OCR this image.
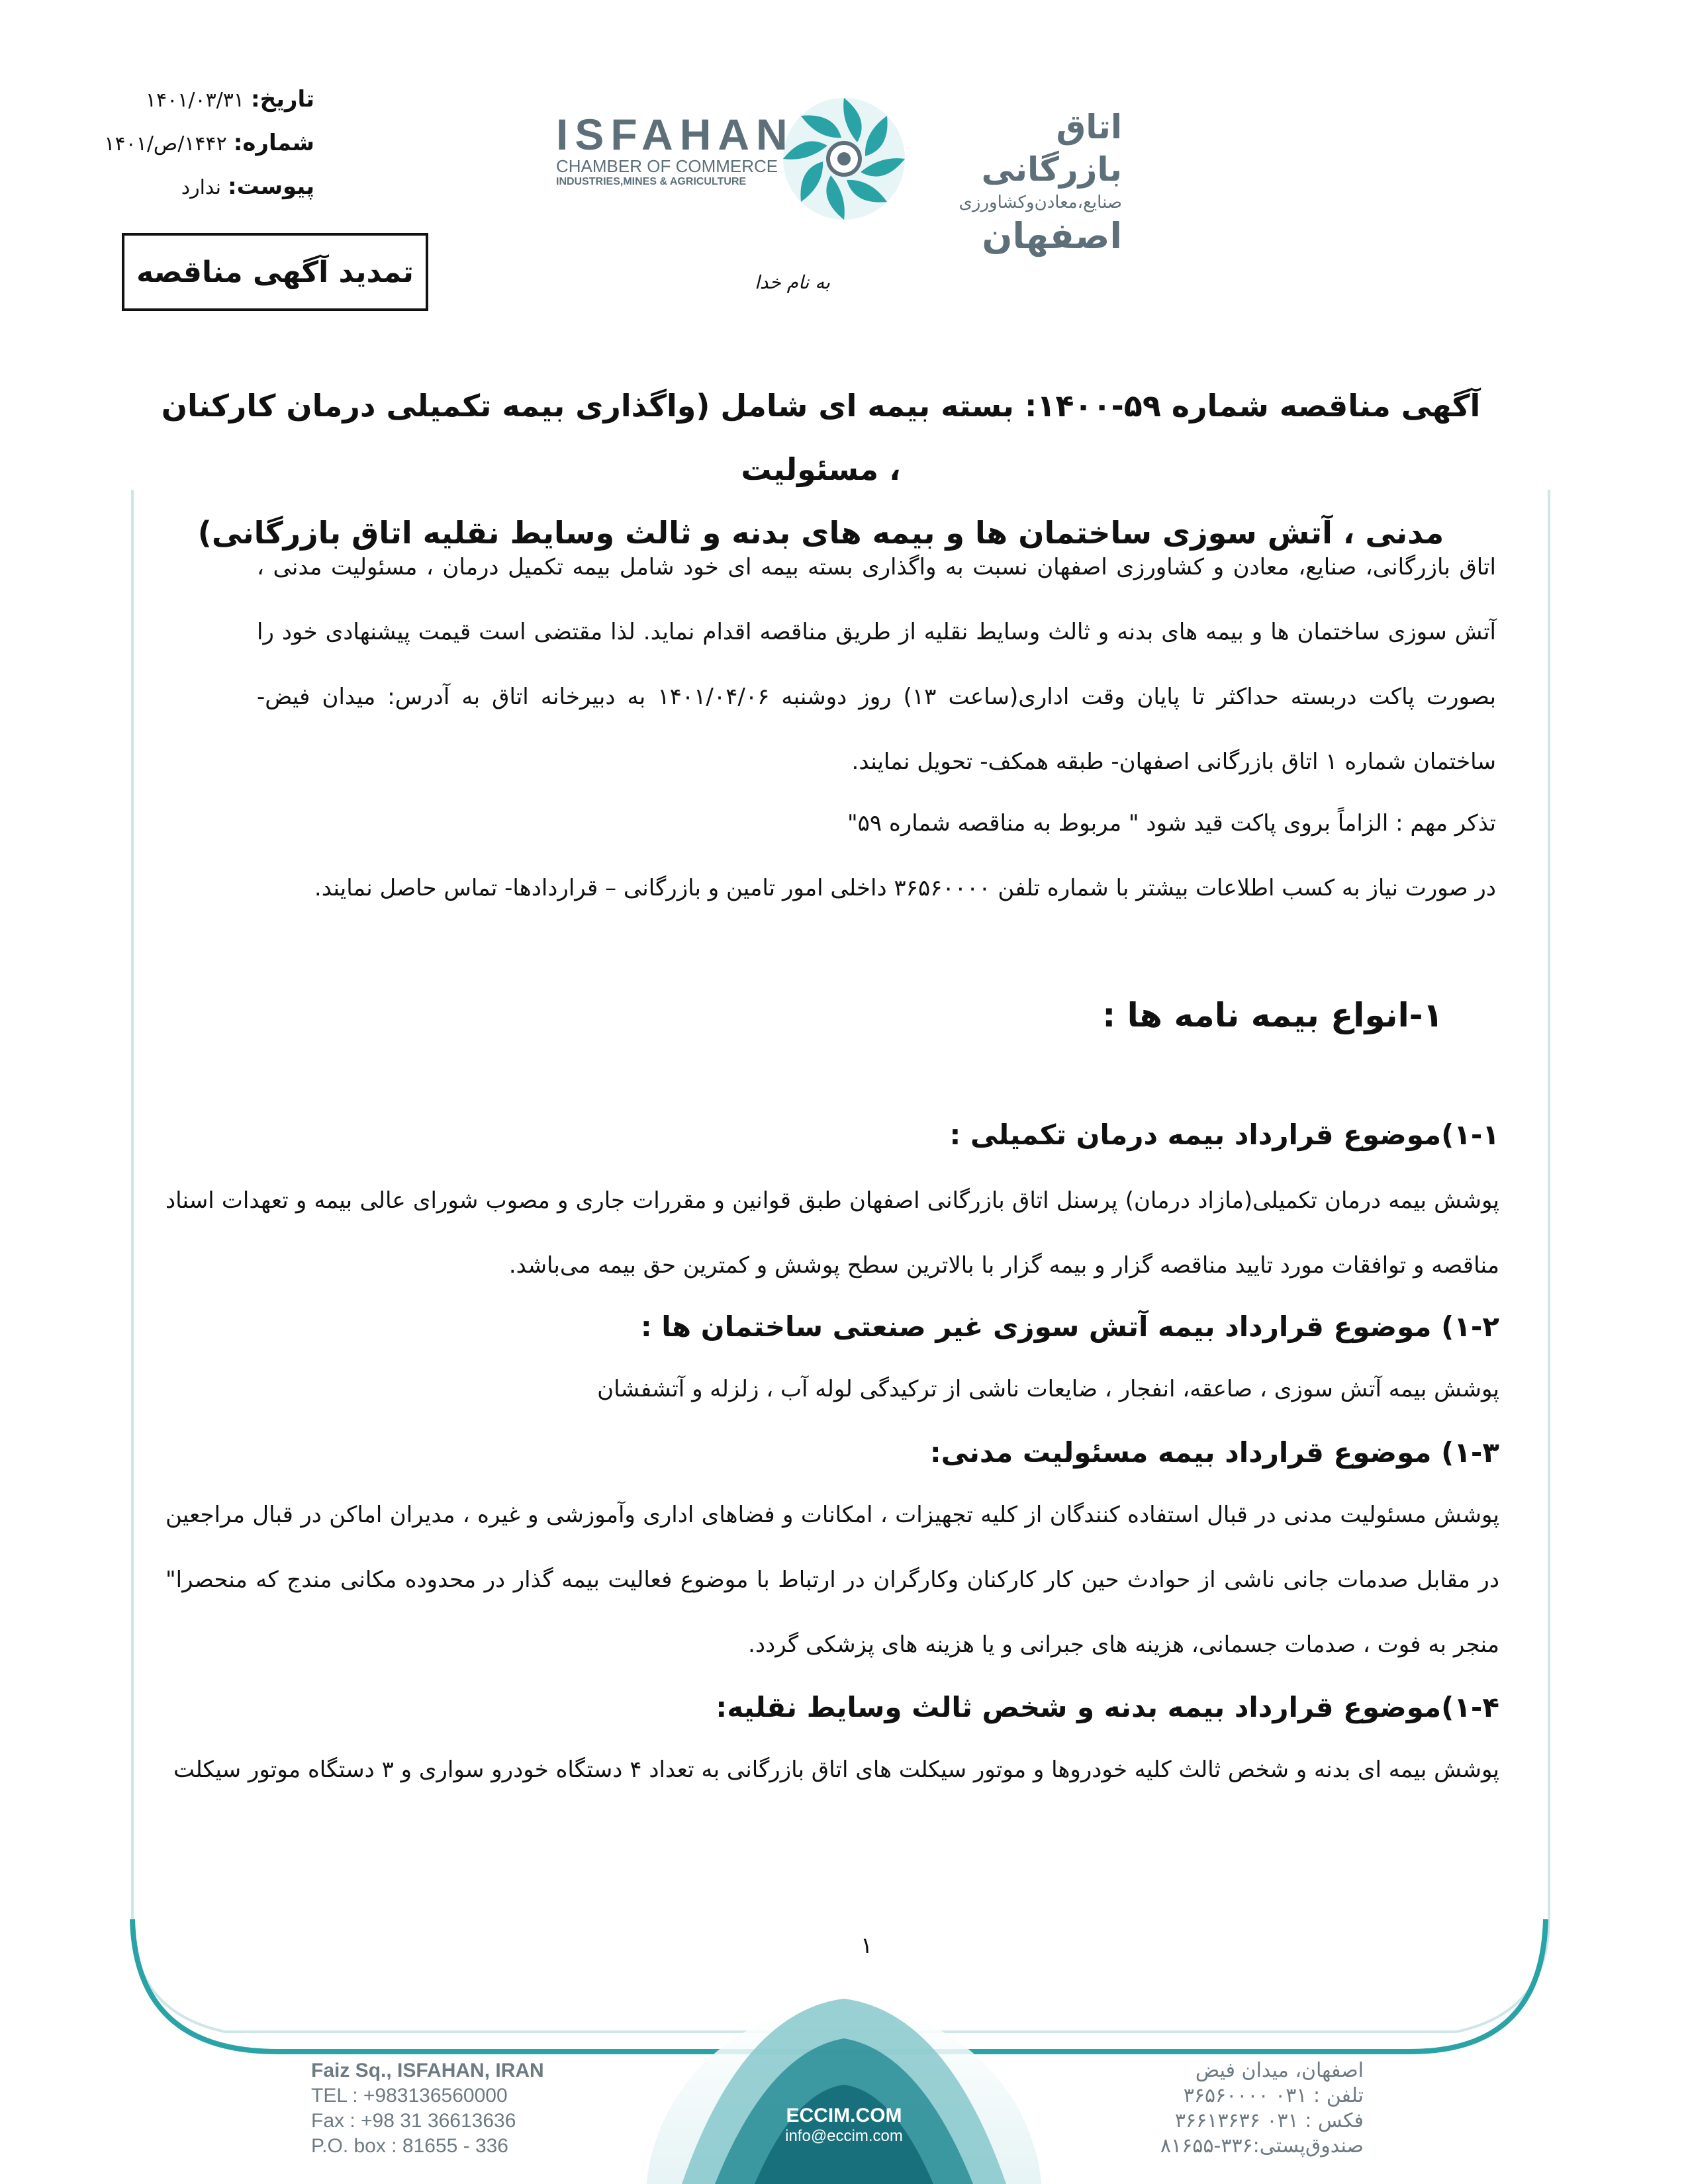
تاریخ:۱۴۰۱/۰۳/۳۱
شماره:۱۴۴۲/ص/۱۴۰۱
پیوست:ندارد
ISFAHAN
CHAMBER OF COMMERCE
INDUSTRIES,MINES & AGRICULTURE
اتاق بازرگانی
صنایع،معادن‌وکشاورزی
اصفهان
تمدید آگهی مناقصه	به نام خدا
آگهی مناقصه شماره ۵۹-۱۴۰۰: بسته بیمه ای شامل (واگذاری بیمه تکمیلی درمان کارکنان ، مسئولیت
مدنی ، آتش سوزی ساختمان ها و بیمه های بدنه و ثالث وسایط نقلیه اتاق بازرگانی)
اتاق بازرگانی، صنایع، معادن و کشاورزی اصفهان نسبت به واگذاری بسته بیمه ای خود شامل بیمه تکمیل درمان ، مسئولیت مدنی ، آتش سوزی ساختمان ها و بیمه های بدنه و ثالث وسایط نقلیه از طریق مناقصه اقدام نماید. لذا مقتضی است قیمت پیشنهادی خود را بصورت پاکت دربسته حداکثر تا پایان وقت اداری(ساعت ۱۳) روز دوشنبه ۱۴۰۱/۰۴/۰۶ به دبیرخانه اتاق به آدرس: میدان فیض- ساختمان شماره ۱ اتاق بازرگانی اصفهان- طبقه همکف- تحویل نمایند.
تذکر مهم : الزاماً بروی پاکت قید شود " مربوط به مناقصه شماره ۵۹"
در صورت نیاز به کسب اطلاعات بیشتر با شماره تلفن ۳۶۵۶۰۰۰۰ داخلی امور تامین و بازرگانی – قراردادها- تماس حاصل نمایند.
۱-انواع بیمه نامه ها :
۱-۱)موضوع قرارداد بیمه درمان تکمیلی :
پوشش بیمه درمان تکمیلی(مازاد درمان) پرسنل اتاق بازرگانی اصفهان طبق قوانین و مقررات جاری و مصوب شورای عالی بیمه و تعهدات اسناد مناقصه و توافقات مورد تایید مناقصه گزار و بیمه گزار با بالاترین سطح پوشش و کمترین حق بیمه می‌باشد.
۱-۲) موضوع قرارداد بیمه آتش سوزی غیر صنعتی ساختمان ها :
پوشش بیمه آتش سوزی ، صاعقه، انفجار ، ضایعات ناشی از ترکیدگی لوله آب ، زلزله و آتشفشان
۱-۳) موضوع قرارداد بیمه مسئولیت مدنی:
پوشش مسئولیت مدنی در قبال استفاده کنندگان از کلیه تجهیزات ، امکانات و فضاهای اداری وآموزشی و غیره ، مدیران اماکن در قبال مراجعین در مقابل صدمات جانی ناشی از حوادث حین کار کارکنان وکارگران در ارتباط با موضوع فعالیت بیمه گذار در محدوده مکانی مندج که منحصرا" منجر به فوت ، صدمات جسمانی، هزینه های جبرانی و یا هزینه های پزشکی گردد.
۱-۴)موضوع قرارداد بیمه بدنه و شخص ثالث وسایط نقلیه:
پوشش بیمه ای بدنه و شخص ثالث کلیه خودروها و موتور سیکلت های اتاق بازرگانی به تعداد ۴ دستگاه خودرو سواری و ۳ دستگاه موتور سیکلت
۱
Faiz Sq., ISFAHAN, IRAN
TEL : +983136560000
Fax : +98 31 36613636
P.O. box : 81655 - 336
ECCIM.COM
info@eccim.com
اصفهان، میدان فیض
تلفن : ۰۳۱ ۳۶۵۶۰۰۰۰
فکس : ۰۳۱ ۳۶۶۱۳۶۳۶
صندوق‌پستی:۳۳۶-۸۱۶۵۵
